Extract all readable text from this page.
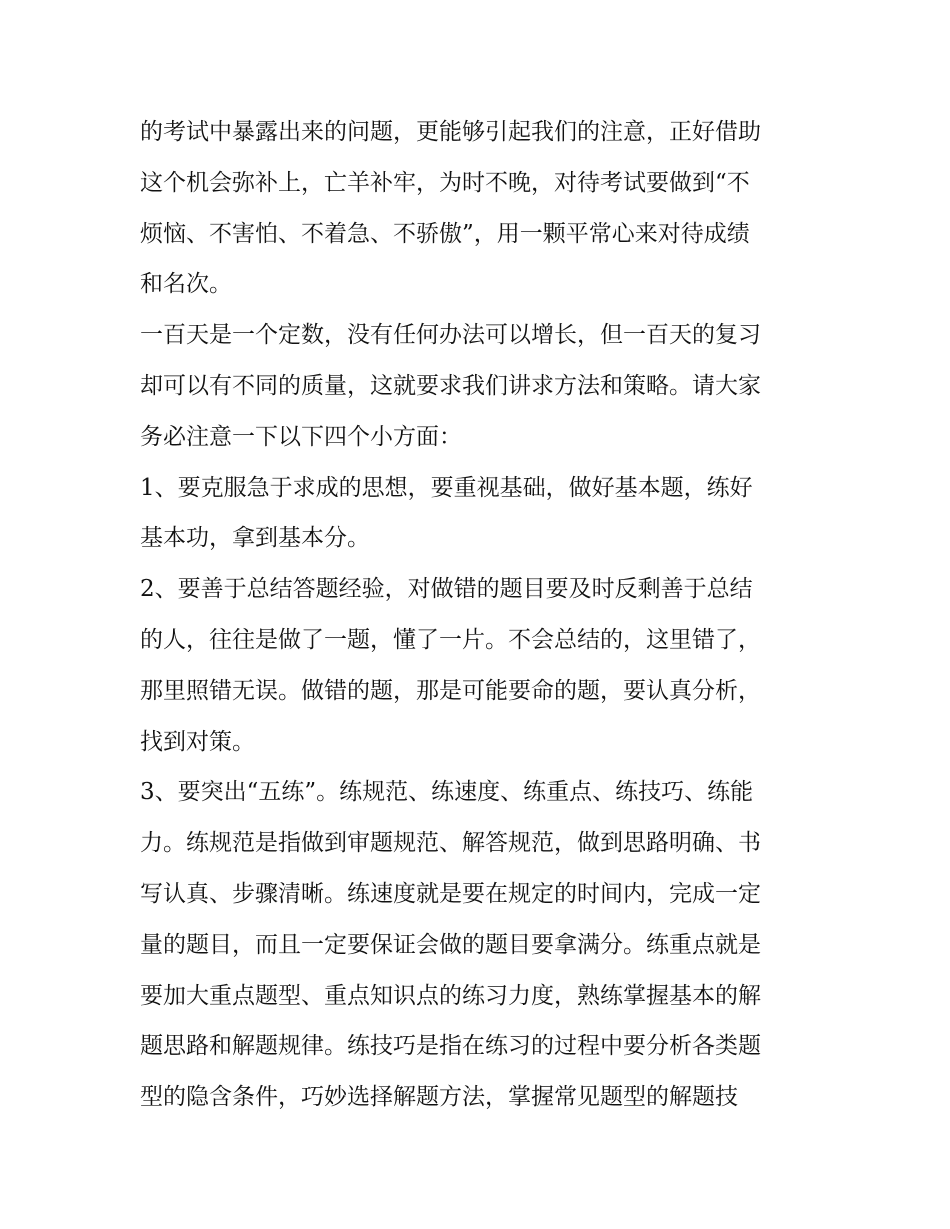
的考试中暴露出来的问题，更能够引起我们的注意，正好借助
这个机会弥补上，亡羊补牢，为时不晚，对待考试要做到“不
烦恼、不害怕、不着急、不骄傲”，用一颗平常心来对待成绩
和名次。
一百天是一个定数，没有任何办法可以增长，但一百天的复习
却可以有不同的质量，这就要求我们讲求方法和策略。请大家
务必注意一下以下四个小方面：
1、要克服急于求成的思想，要重视基础，做好基本题，练好
基本功，拿到基本分。
2、要善于总结答题经验，对做错的题目要及时反剩善于总结
的人，往往是做了一题，懂了一片。不会总结的，这里错了，
那里照错无误。做错的题，那是可能要命的题，要认真分析，
找到对策。
3、要突出“五练”。练规范、练速度、练重点、练技巧、练能
力。练规范是指做到审题规范、解答规范，做到思路明确、书
写认真、步骤清晰。练速度就是要在规定的时间内，完成一定
量的题目，而且一定要保证会做的题目要拿满分。练重点就是
要加大重点题型、重点知识点的练习力度，熟练掌握基本的解
题思路和解题规律。练技巧是指在练习的过程中要分析各类题
型的隐含条件，巧妙选择解题方法，掌握常见题型的解题技
